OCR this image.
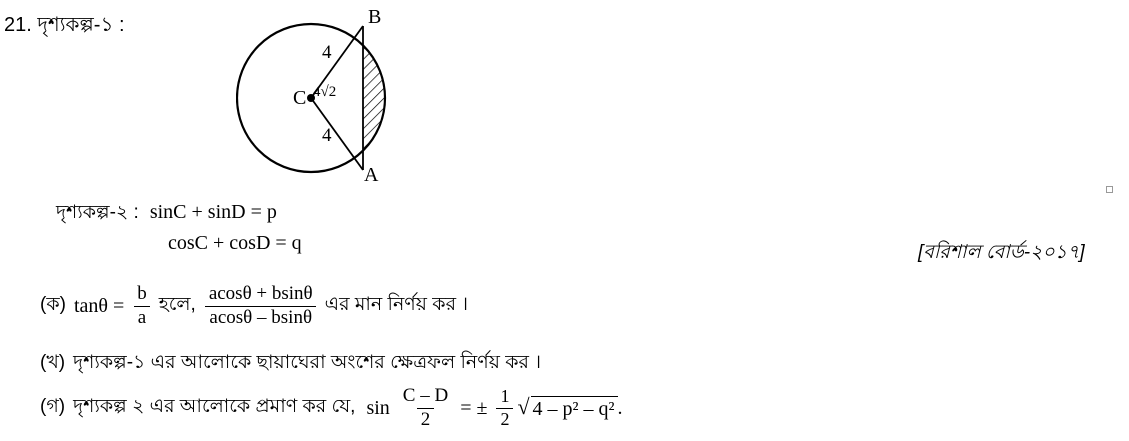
21. দৃশ্যকল্প-১ :	B
A
C
4
4
4√2
দৃশ্যকল্প-২ : sinC + sinD = p
cosC + cosD = q	[বরিশাল বোর্ড-২০১৭]
(ক) $\tan\theta = \frac{b}{a}$ হলে, $\frac{acos\theta + bsin\theta}{acos\theta - bsin\theta}$ এর মান নির্ণয় কর ।
(খ) দৃশ্যকল্প-১ এর আলোকে ছায়াঘেরা অংশের ক্ষেত্রফল নির্ণয় কর ।
(গ) দৃশ্যকল্প ২ এর আলোকে প্রমাণ কর যে, $\sin \frac{C - D}{2}$ = ± $\frac{1}{2}$ √ 4 – p² – q² .
